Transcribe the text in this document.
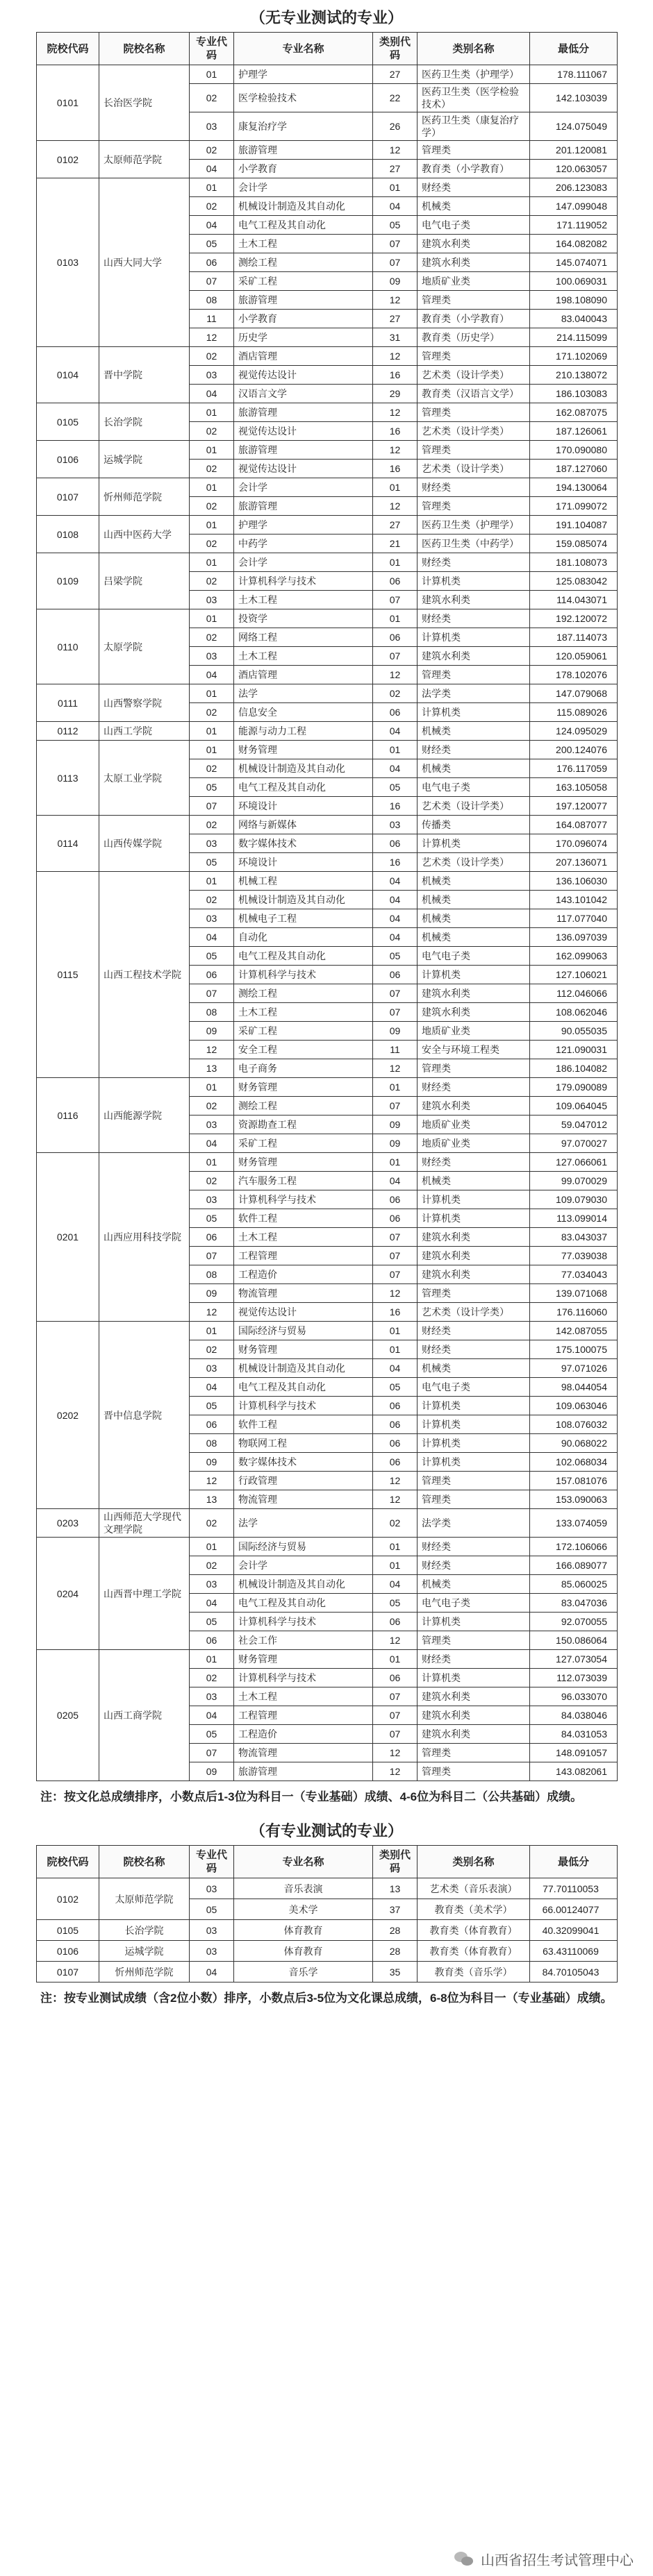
（无专业测试的专业）
院校代码	院校名称	专业代码	专业名称	类别代码	类别名称	最低分
0101	长治医学院	01	护理学	27	医药卫生类（护理学）	178.111067
		02	医学检验技术	22	医药卫生类（医学检验技术）	142.103039
		03	康复治疗学	26	医药卫生类（康复治疗学）	124.075049
0102	太原师范学院	02	旅游管理	12	管理类	201.120081
		04	小学教育	27	教育类（小学教育）	120.063057
0103	山西大同大学	01	会计学	01	财经类	206.123083
		02	机械设计制造及其自动化	04	机械类	147.099048
		04	电气工程及其自动化	05	电气电子类	171.119052
		05	土木工程	07	建筑水利类	164.082082
		06	测绘工程	07	建筑水利类	145.074071
		07	采矿工程	09	地质矿业类	100.069031
		08	旅游管理	12	管理类	198.108090
		11	小学教育	27	教育类（小学教育）	83.040043
		12	历史学	31	教育类（历史学）	214.115099
0104	晋中学院	02	酒店管理	12	管理类	171.102069
		03	视觉传达设计	16	艺术类（设计学类）	210.138072
		04	汉语言文学	29	教育类（汉语言文学）	186.103083
0105	长治学院	01	旅游管理	12	管理类	162.087075
		02	视觉传达设计	16	艺术类（设计学类）	187.126061
0106	运城学院	01	旅游管理	12	管理类	170.090080
		02	视觉传达设计	16	艺术类（设计学类）	187.127060
0107	忻州师范学院	01	会计学	01	财经类	194.130064
		02	旅游管理	12	管理类	171.099072
0108	山西中医药大学	01	护理学	27	医药卫生类（护理学）	191.104087
		02	中药学	21	医药卫生类（中药学）	159.085074
0109	吕梁学院	01	会计学	01	财经类	181.108073
		02	计算机科学与技术	06	计算机类	125.083042
		03	土木工程	07	建筑水利类	114.043071
0110	太原学院	01	投资学	01	财经类	192.120072
		02	网络工程	06	计算机类	187.114073
		03	土木工程	07	建筑水利类	120.059061
		04	酒店管理	12	管理类	178.102076
0111	山西警察学院	01	法学	02	法学类	147.079068
		02	信息安全	06	计算机类	115.089026
0112	山西工学院	01	能源与动力工程	04	机械类	124.095029
0113	太原工业学院	01	财务管理	01	财经类	200.124076
		02	机械设计制造及其自动化	04	机械类	176.117059
		05	电气工程及其自动化	05	电气电子类	163.105058
		07	环境设计	16	艺术类（设计学类）	197.120077
0114	山西传媒学院	02	网络与新媒体	03	传播类	164.087077
		03	数字媒体技术	06	计算机类	170.096074
		05	环境设计	16	艺术类（设计学类）	207.136071
0115	山西工程技术学院	01	机械工程	04	机械类	136.106030
		02	机械设计制造及其自动化	04	机械类	143.101042
		03	机械电子工程	04	机械类	117.077040
		04	自动化	04	机械类	136.097039
		05	电气工程及其自动化	05	电气电子类	162.099063
		06	计算机科学与技术	06	计算机类	127.106021
		07	测绘工程	07	建筑水利类	112.046066
		08	土木工程	07	建筑水利类	108.062046
		09	采矿工程	09	地质矿业类	90.055035
		12	安全工程	11	安全与环境工程类	121.090031
		13	电子商务	12	管理类	186.104082
0116	山西能源学院	01	财务管理	01	财经类	179.090089
		02	测绘工程	07	建筑水利类	109.064045
		03	资源勘查工程	09	地质矿业类	59.047012
		04	采矿工程	09	地质矿业类	97.070027
0201	山西应用科技学院	01	财务管理	01	财经类	127.066061
		02	汽车服务工程	04	机械类	99.070029
		03	计算机科学与技术	06	计算机类	109.079030
		05	软件工程	06	计算机类	113.099014
		06	土木工程	07	建筑水利类	83.043037
		07	工程管理	07	建筑水利类	77.039038
		08	工程造价	07	建筑水利类	77.034043
		09	物流管理	12	管理类	139.071068
		12	视觉传达设计	16	艺术类（设计学类）	176.116060
0202	晋中信息学院	01	国际经济与贸易	01	财经类	142.087055
		02	财务管理	01	财经类	175.100075
		03	机械设计制造及其自动化	04	机械类	97.071026
		04	电气工程及其自动化	05	电气电子类	98.044054
		05	计算机科学与技术	06	计算机类	109.063046
		06	软件工程	06	计算机类	108.076032
		08	物联网工程	06	计算机类	90.068022
		09	数字媒体技术	06	计算机类	102.068034
		12	行政管理	12	管理类	157.081076
		13	物流管理	12	管理类	153.090063
0203	山西师范大学现代文理学院	02	法学	02	法学类	133.074059
0204	山西晋中理工学院	01	国际经济与贸易	01	财经类	172.106066
		02	会计学	01	财经类	166.089077
		03	机械设计制造及其自动化	04	机械类	85.060025
		04	电气工程及其自动化	05	电气电子类	83.047036
		05	计算机科学与技术	06	计算机类	92.070055
		06	社会工作	12	管理类	150.086064
0205	山西工商学院	01	财务管理	01	财经类	127.073054
		02	计算机科学与技术	06	计算机类	112.073039
		03	土木工程	07	建筑水利类	96.033070
		04	工程管理	07	建筑水利类	84.038046
		05	工程造价	07	建筑水利类	84.031053
		07	物流管理	12	管理类	148.091057
		09	旅游管理	12	管理类	143.082061
注：按文化总成绩排序，小数点后1-3位为科目一（专业基础）成绩、4-6位为科目二（公共基础）成绩。
（有专业测试的专业）
院校代码	院校名称	专业代码	专业名称	类别代码	类别名称	最低分
0102	太原师范学院	03	音乐表演	13	艺术类（音乐表演）	77.70110053
		05	美术学	37	教育类（美术学）	66.00124077
0105	长治学院	03	体育教育	28	教育类（体育教育）	40.32099041
0106	运城学院	03	体育教育	28	教育类（体育教育）	63.43110069
0107	忻州师范学院	04	音乐学	35	教育类（音乐学）	84.70105043
注：按专业测试成绩（含2位小数）排序，小数点后3-5位为文化课总成绩，6-8位为科目一（专业基础）成绩。
山西省招生考试管理中心
